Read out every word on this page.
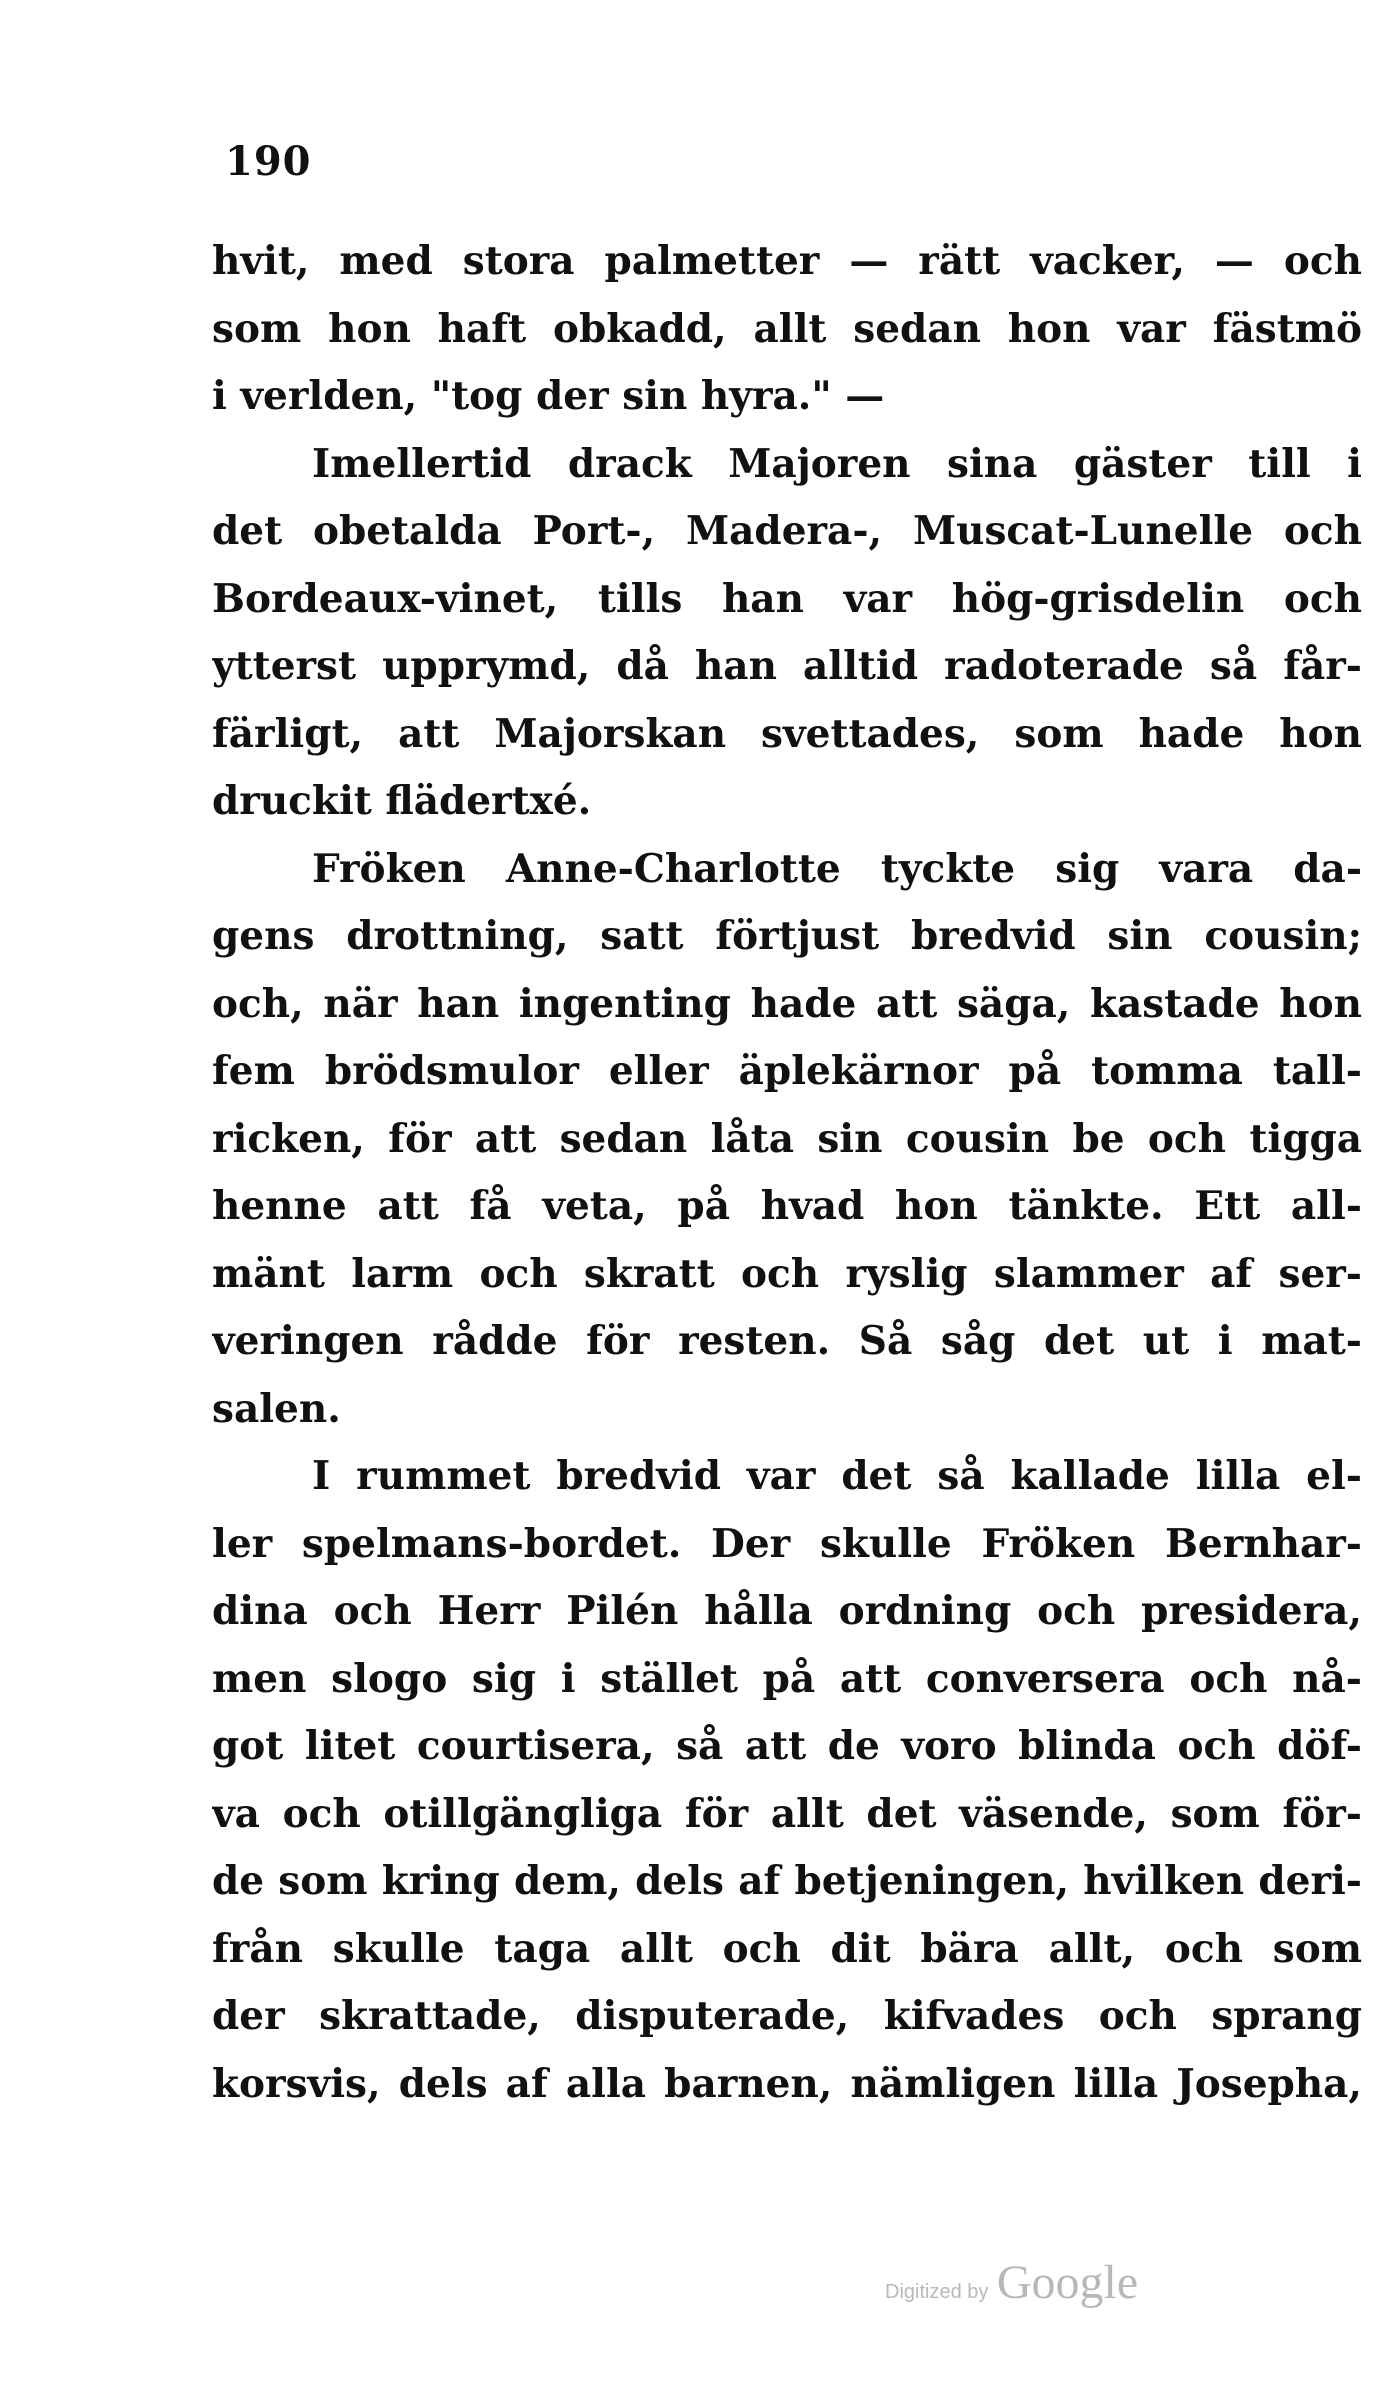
190
hvit, med stora palmetter — rätt vacker, — och
som hon haft obkadd, allt sedan hon var fästmö
i verlden, "tog der sin hyra." —
Imellertid drack Majoren sina gäster till i
det obetalda Port-, Madera-, Muscat-Lunelle och
Bordeaux-vinet, tills han var hög-grisdelin och
ytterst upprymd, då han alltid radoterade så får-
färligt, att Majorskan svettades, som hade hon
druckit flädertхé.
Fröken Anne-Charlotte tyckte sig vara da-
gens drottning, satt förtjust bredvid sin cousin;
och, när han ingenting hade att säga, kastade hon
fem brödsmulor eller äplekärnor på tomma tall-
ricken, för att sedan låta sin cousin be och tigga
henne att få veta, på hvad hon tänkte. Ett all-
mänt larm och skratt och ryslig slammer af ser-
veringen rådde för resten. Så såg det ut i mat-
salen.
I rummet bredvid var det så kallade lilla el-
ler spelmans-bordet. Der skulle Fröken Bernhar-
dina och Herr Pilén hålla ordning och presidera,
men slogo sig i stället på att conversera och nå-
got litet courtisera, så att de voro blinda och döf-
va och otillgängliga för allt det väsende, som för-
de som kring dem, dels af betjeningen, hvilken deri-
från skulle taga allt och dit bära allt, och som
der skrattade, disputerade, kifvades och sprang
korsvis, dels af alla barnen, nämligen lilla Josepha,
Digitized by Google
